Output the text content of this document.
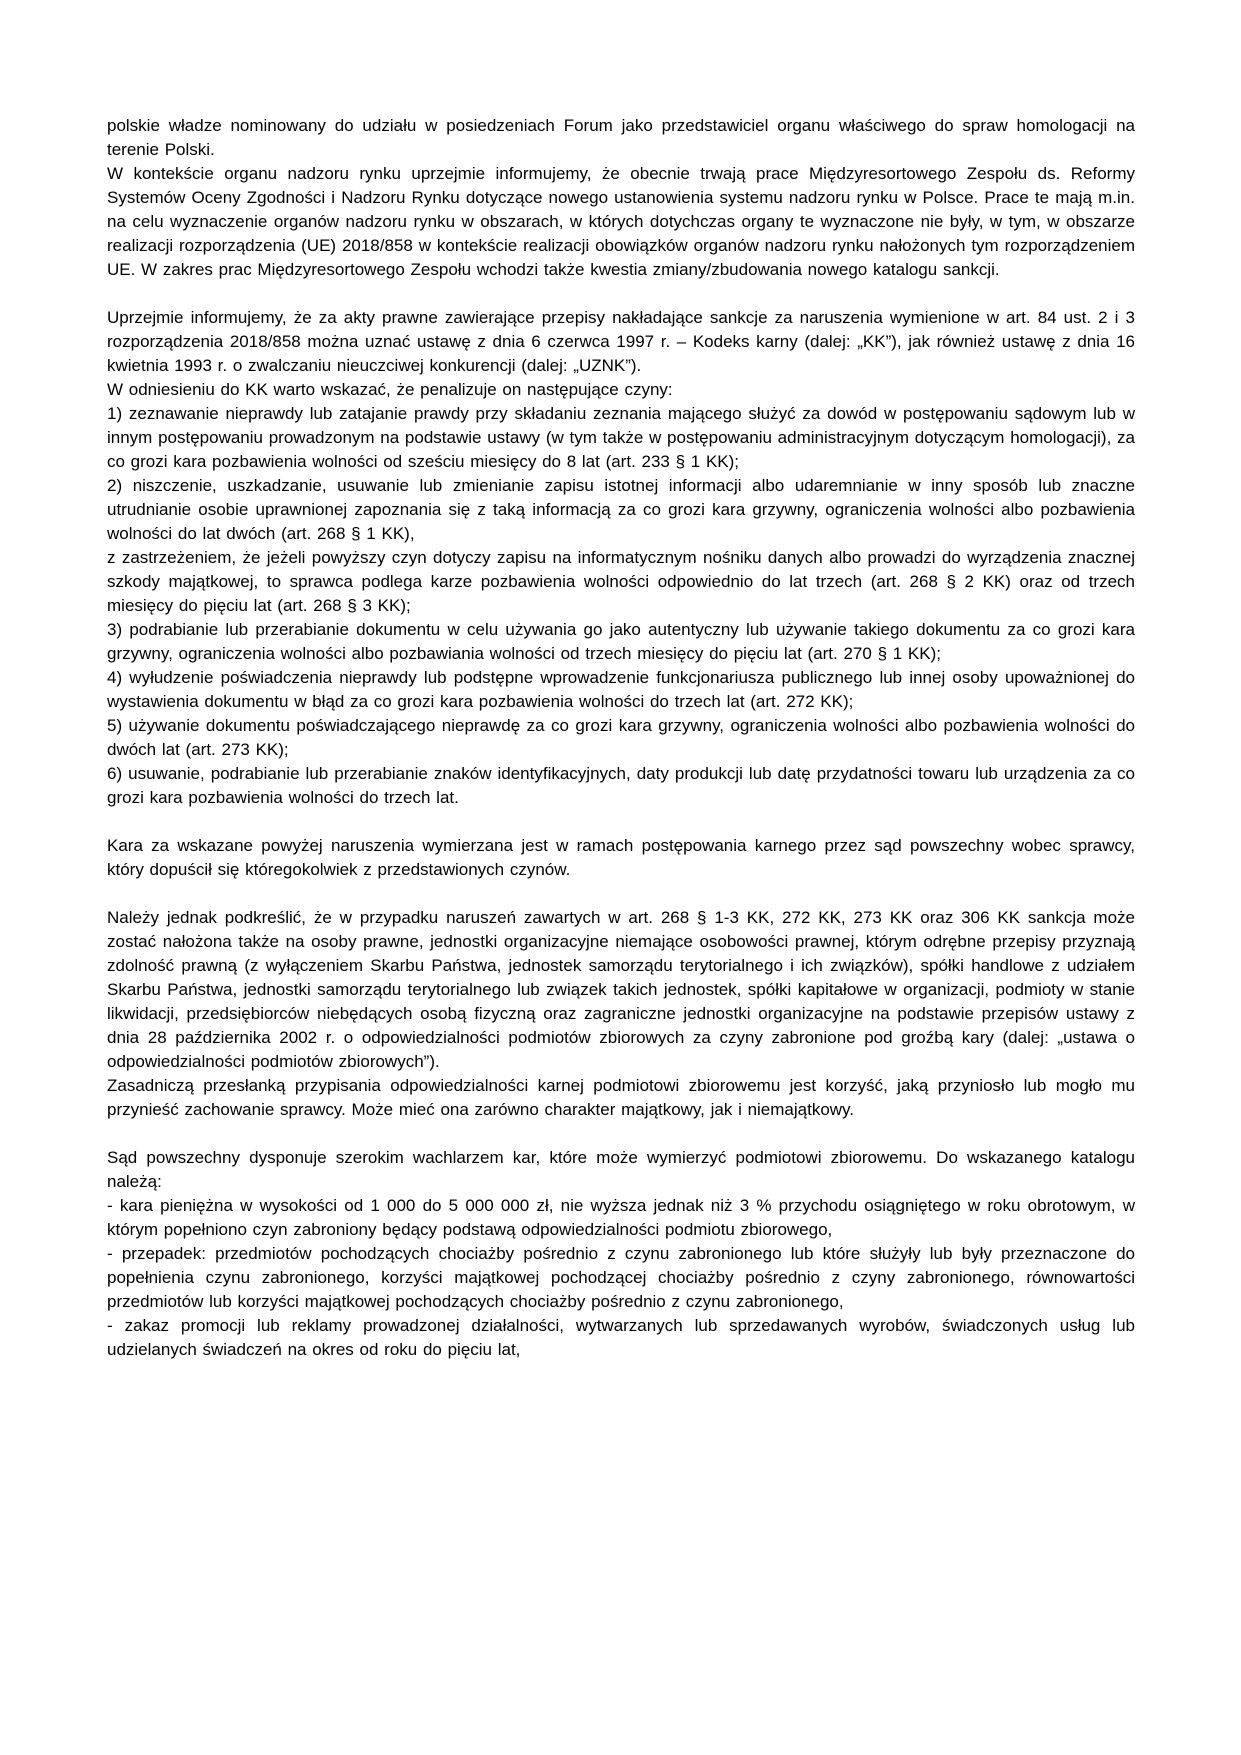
polskie władze nominowany do udziału w posiedzeniach Forum jako przedstawiciel organu właściwego do spraw homologacji na terenie Polski.

W kontekście organu nadzoru rynku uprzejmie informujemy, że obecnie trwają prace Międzyresortowego Zespołu ds. Reformy Systemów Oceny Zgodności i Nadzoru Rynku dotyczące nowego ustanowienia systemu nadzoru rynku w Polsce. Prace te mają m.in. na celu wyznaczenie organów nadzoru rynku w obszarach, w których dotychczas organy te wyznaczone nie były, w tym, w obszarze realizacji rozporządzenia (UE) 2018/858 w kontekście realizacji obowiązków organów nadzoru rynku nałożonych tym rozporządzeniem UE. W zakres prac Międzyresortowego Zespołu wchodzi także kwestia zmiany/zbudowania nowego katalogu sankcji.

Uprzejmie informujemy, że za akty prawne zawierające przepisy nakładające sankcje za naruszenia wymienione w art. 84 ust. 2 i 3 rozporządzenia 2018/858 można uznać ustawę z dnia 6 czerwca 1997 r. – Kodeks karny (dalej: „KK”), jak również ustawę z dnia 16 kwietnia 1993 r. o zwalczaniu nieuczciwej konkurencji (dalej: „UZNK”).

W odniesieniu do KK warto wskazać, że penalizuje on następujące czyny:

1) zeznawanie nieprawdy lub zatajanie prawdy przy składaniu zeznania mającego służyć za dowód w postępowaniu sądowym lub w innym postępowaniu prowadzonym na podstawie ustawy (w tym także w postępowaniu administracyjnym dotyczącym homologacji), za co grozi kara pozbawienia wolności od sześciu miesięcy do 8 lat (art. 233 § 1 KK);

2) niszczenie, uszkadzanie, usuwanie lub zmienianie zapisu istotnej informacji albo udaremnianie w inny sposób lub znaczne utrudnianie osobie uprawnionej zapoznania się z taką informacją za co grozi kara grzywny, ograniczenia wolności albo pozbawienia wolności do lat dwóch (art. 268 § 1 KK),

z zastrzeżeniem, że jeżeli powyższy czyn dotyczy zapisu na informatycznym nośniku danych albo prowadzi do wyrządzenia znacznej szkody majątkowej, to sprawca podlega karze pozbawienia wolności odpowiednio do lat trzech (art. 268 § 2 KK) oraz od trzech miesięcy do pięciu lat (art. 268 § 3 KK);

3) podrabianie lub przerabianie dokumentu w celu używania go jako autentyczny lub używanie takiego dokumentu za co grozi kara grzywny, ograniczenia wolności albo pozbawiania wolności od trzech miesięcy do pięciu lat (art. 270 § 1 KK);

4) wyłudzenie poświadczenia nieprawdy lub podstępne wprowadzenie funkcjonariusza publicznego lub innej osoby upoważnionej do wystawienia dokumentu w błąd za co grozi kara pozbawienia wolności do trzech lat (art. 272 KK);

5) używanie dokumentu poświadczającego nieprawdę za co grozi kara grzywny, ograniczenia wolności albo pozbawienia wolności do dwóch lat (art. 273 KK);

6) usuwanie, podrabianie lub przerabianie znaków identyfikacyjnych, daty produkcji lub datę przydatności towaru lub urządzenia za co grozi kara pozbawienia wolności do trzech lat.

Kara za wskazane powyżej naruszenia wymierzana jest w ramach postępowania karnego przez sąd powszechny wobec sprawcy, który dopuścił się któregokolwiek z przedstawionych czynów.

Należy jednak podkreślić, że w przypadku naruszeń zawartych w art. 268 § 1-3 KK, 272 KK, 273 KK oraz 306 KK sankcja może zostać nałożona także na osoby prawne, jednostki organizacyjne niemające osobowości prawnej, którym odrębne przepisy przyznają zdolność prawną (z wyłączeniem Skarbu Państwa, jednostek samorządu terytorialnego i ich związków), spółki handlowe z udziałem Skarbu Państwa, jednostki samorządu terytorialnego lub związek takich jednostek, spółki kapitałowe w organizacji, podmioty w stanie likwidacji, przedsiębiorców niebędących osobą fizyczną oraz zagraniczne jednostki organizacyjne na podstawie przepisów ustawy z dnia 28 października 2002 r. o odpowiedzialności podmiotów zbiorowych za czyny zabronione pod groźbą kary (dalej: „ustawa o odpowiedzialności podmiotów zbiorowych”).

Zasadniczą przesłanką przypisania odpowiedzialności karnej podmiotowi zbiorowemu jest korzyść, jaką przyniosło lub mogło mu przynieść zachowanie sprawcy. Może mieć ona zarówno charakter majątkowy, jak i niemajątkowy.

Sąd powszechny dysponuje szerokim wachlarzem kar, które może wymierzyć podmiotowi zbiorowemu. Do wskazanego katalogu należą:

- kara pieniężna w wysokości od 1 000 do 5 000 000 zł, nie wyższa jednak niż 3 % przychodu osiągniętego w roku obrotowym, w którym popełniono czyn zabroniony będący podstawą odpowiedzialności podmiotu zbiorowego,

- przepadek: przedmiotów pochodzących chociażby pośrednio z czynu zabronionego lub które służyły lub były przeznaczone do popełnienia czynu zabronionego, korzyści majątkowej pochodzącej chociażby pośrednio z czyny zabronionego, równowartości przedmiotów lub korzyści majątkowej pochodzących chociażby pośrednio z czynu zabronionego,

- zakaz promocji lub reklamy prowadzonej działalności, wytwarzanych lub sprzedawanych wyrobów, świadczonych usług lub udzielanych świadczeń na okres od roku do pięciu lat,
